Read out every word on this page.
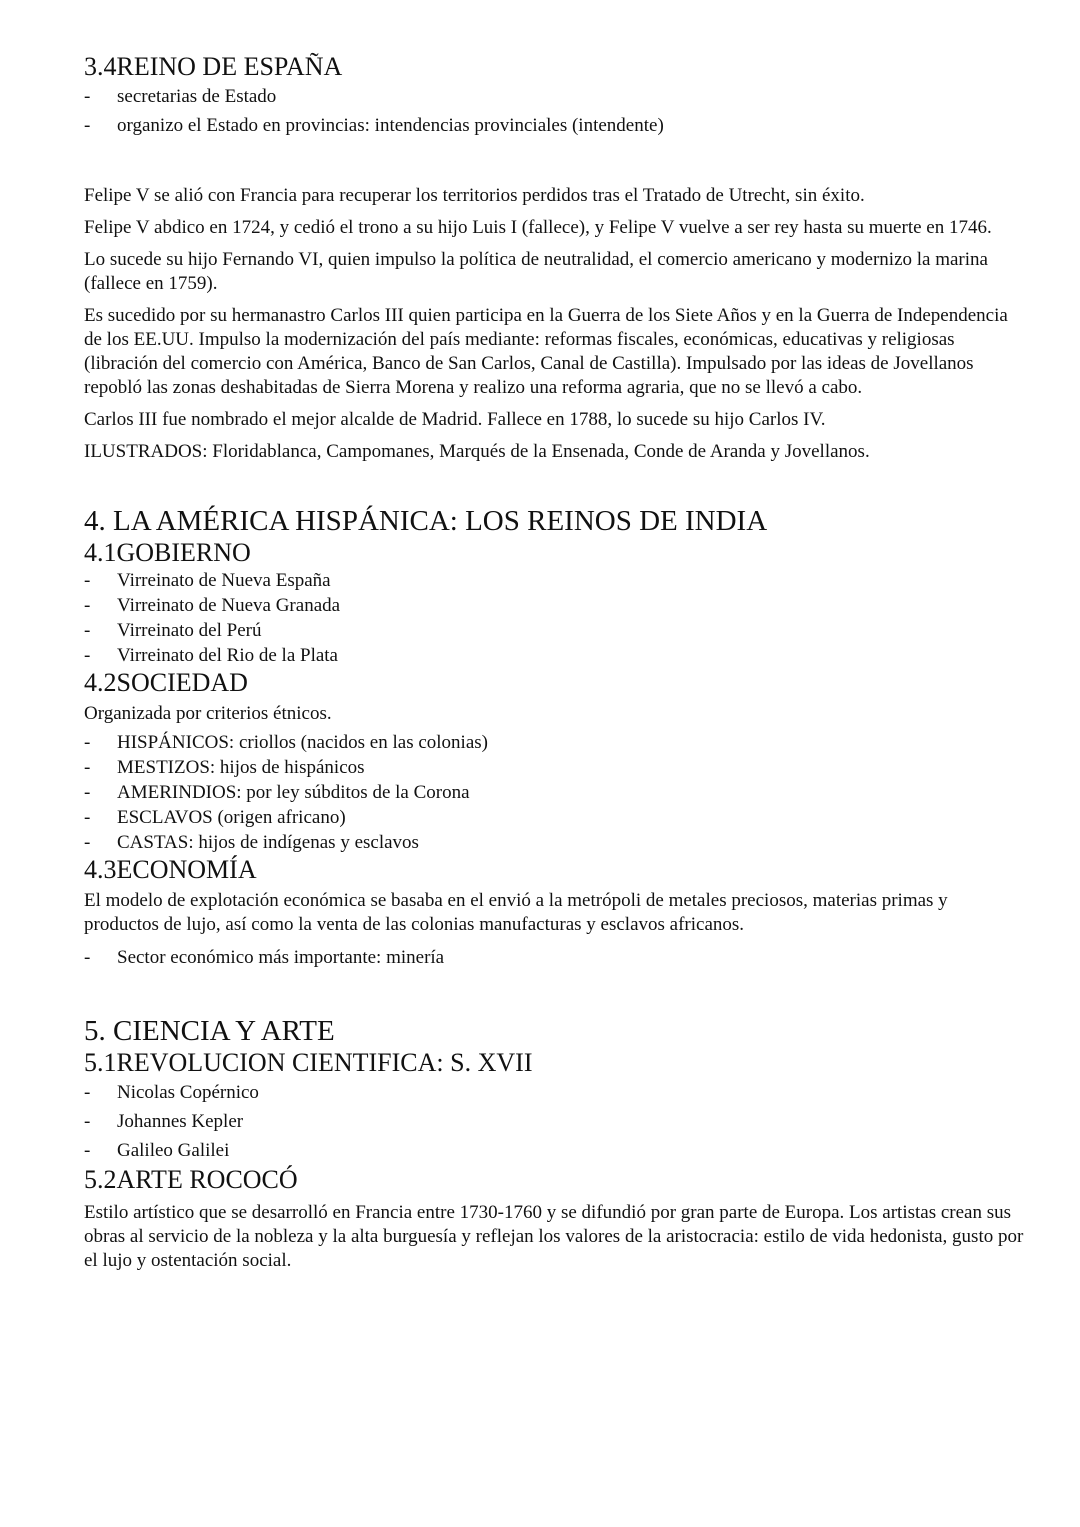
3.4REINO DE ESPAÑA
- secretarias de Estado
- organizo el Estado en provincias: intendencias provinciales (intendente)

Felipe V se alió con Francia para recuperar los territorios perdidos tras el Tratado de Utrecht, sin éxito.

Felipe V abdico en 1724, y cedió el trono a su hijo Luis I (fallece), y Felipe V vuelve a ser rey hasta su muerte en 1746.

Lo sucede su hijo Fernando VI, quien impulso la política de neutralidad, el comercio americano y modernizo la marina (fallece en 1759).

Es sucedido por su hermanastro Carlos III quien participa en la Guerra de los Siete Años y en la Guerra de Independencia de los EE.UU. Impulso la modernización del país mediante: reformas fiscales, económicas, educativas y religiosas (libración del comercio con América, Banco de San Carlos, Canal de Castilla). Impulsado por las ideas de Jovellanos repobló las zonas deshabitadas de Sierra Morena y realizo una reforma agraria, que no se llevó a cabo.

Carlos III fue nombrado el mejor alcalde de Madrid. Fallece en 1788, lo sucede su hijo Carlos IV.

ILUSTRADOS: Floridablanca, Campomanes, Marqués de la Ensenada, Conde de Aranda y Jovellanos.

4. LA AMÉRICA HISPÁNICA: LOS REINOS DE INDIA
4.1GOBIERNO
- Virreinato de Nueva España
- Virreinato de Nueva Granada
- Virreinato del Perú
- Virreinato del Rio de la Plata
4.2SOCIEDAD

Organizada por criterios étnicos.

- HISPÁNICOS: criollos (nacidos en las colonias)
- MESTIZOS: hijos de hispánicos
- AMERINDIOS: por ley súbditos de la Corona
- ESCLAVOS (origen africano)
- CASTAS: hijos de indígenas y esclavos
4.3ECONOMÍA

El modelo de explotación económica se basaba en el envió a la metrópoli de metales preciosos, materias primas y productos de lujo, así como la venta de las colonias manufacturas y esclavos africanos.

- Sector económico más importante: minería
5. CIENCIA Y ARTE
5.1REVOLUCION CIENTIFICA: S. XVII
- Nicolas Copérnico
- Johannes Kepler
- Galileo Galilei
5.2ARTE ROCOCÓ

Estilo artístico que se desarrolló en Francia entre 1730-1760 y se difundió por gran parte de Europa. Los artistas crean sus obras al servicio de la nobleza y la alta burguesía y reflejan los valores de la aristocracia: estilo de vida hedonista, gusto por el lujo y ostentación social.
